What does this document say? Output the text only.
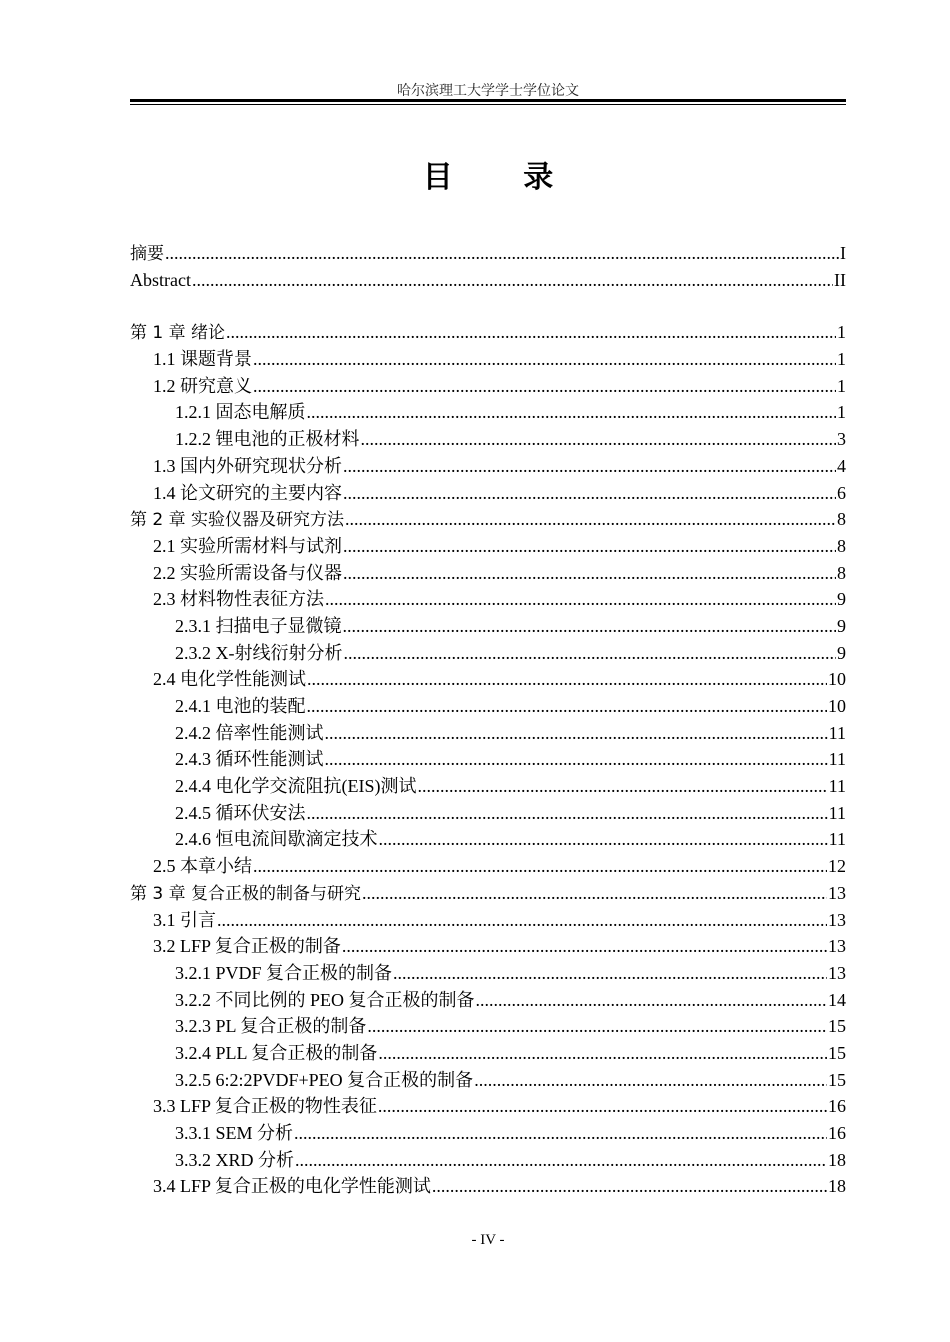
哈尔滨理工大学学士学位论文
目 录
摘要 .....	I
Abstract .....	II
第 1 章 绪论 .....	1
1.1 课题背景 .....	1
1.2 研究意义 .....	1
1.2.1 固态电解质 .....	1
1.2.2 锂电池的正极材料 .....	3
1.3 国内外研究现状分析 .....	4
1.4 论文研究的主要内容 .....	6
第 2 章 实验仪器及研究方法 .....	8
2.1 实验所需材料与试剂 .....	8
2.2 实验所需设备与仪器 .....	8
2.3 材料物性表征方法 .....	9
2.3.1 扫描电子显微镜 .....	9
2.3.2 X-射线衍射分析 .....	9
2.4 电化学性能测试 .....	10
2.4.1 电池的装配 .....	10
2.4.2 倍率性能测试 .....	11
2.4.3 循环性能测试 .....	11
2.4.4 电化学交流阻抗(EIS)测试 .....	11
2.4.5 循环伏安法 .....	11
2.4.6 恒电流间歇滴定技术 .....	11
2.5 本章小结 .....	12
第 3 章 复合正极的制备与研究 .....	13
3.1 引言 .....	13
3.2 LFP 复合正极的制备 .....	13
3.2.1 PVDF 复合正极的制备 .....	13
3.2.2 不同比例的 PEO 复合正极的制备 .....	14
3.2.3 PL 复合正极的制备 .....	15
3.2.4 PLL 复合正极的制备 .....	15
3.2.5 6:2:2PVDF+PEO 复合正极的制备 .....	15
3.3 LFP 复合正极的物性表征 .....	16
3.3.1 SEM 分析 .....	16
3.3.2 XRD 分析 .....	18
3.4 LFP 复合正极的电化学性能测试 .....	18
- IV -
